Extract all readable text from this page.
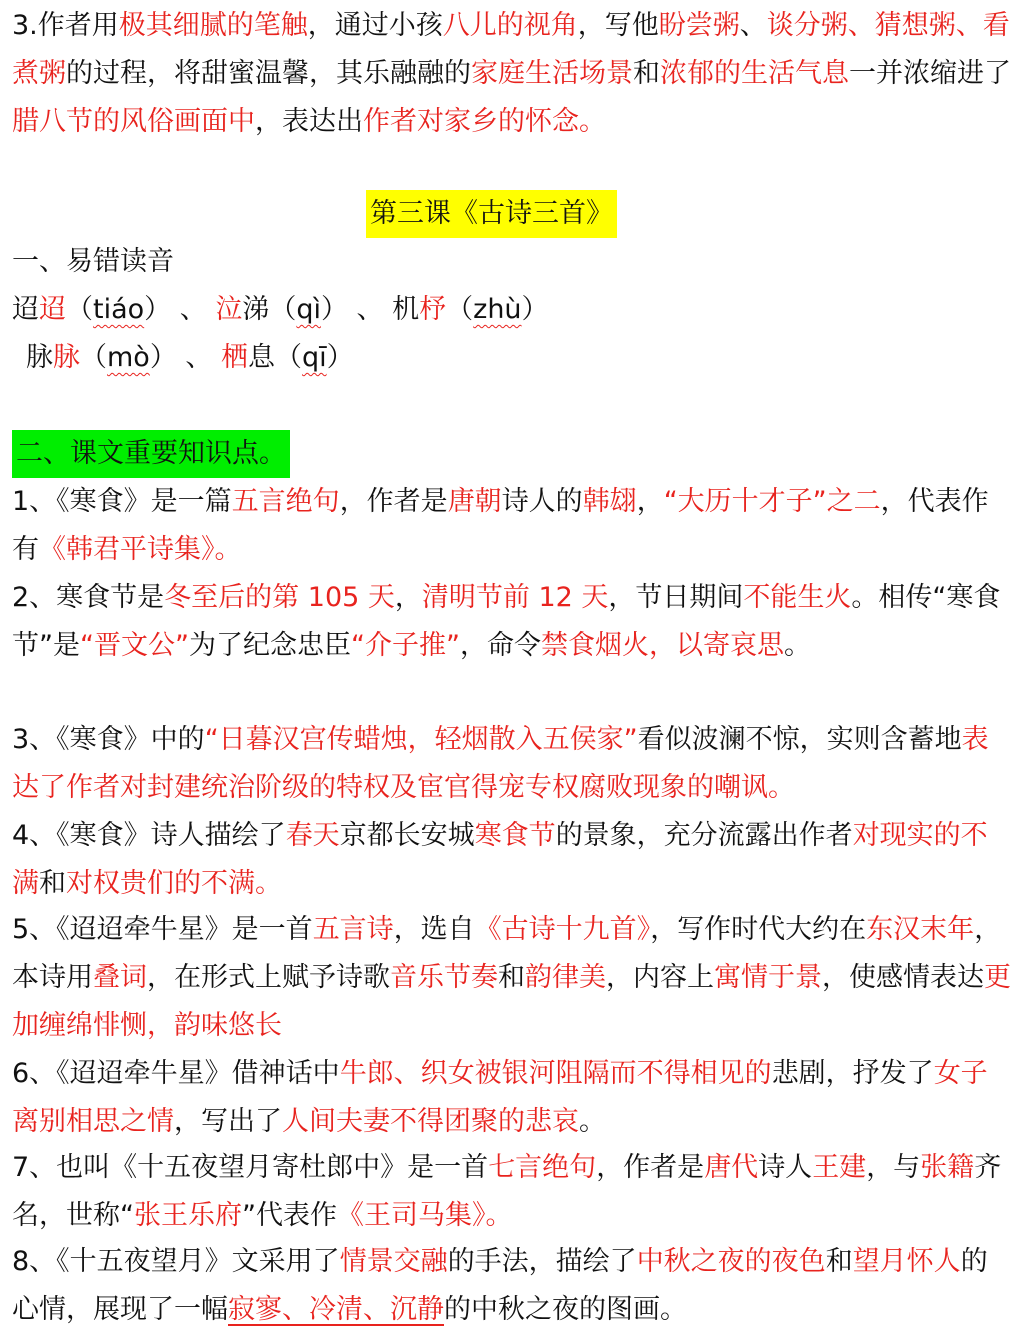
3.作者用极其细腻的笔触，通过小孩八儿的视角，写他盼尝粥、谈分粥、猜想粥、看煮粥的过程，将甜蜜温馨，其乐融融的家庭生活场景和浓郁的生活气息一并浓缩进了腊八节的风俗画面中，表达出作者对家乡的怀念。
第三课《古诗三首》
一、易错读音
迢迢（tiáo） 、 泣涕（qì） 、 机杼（zhù）
脉脉（mò） 、 栖息（qī）
二、课文重要知识点。
1、《寒食》是一篇五言绝句，作者是唐朝诗人的韩翃，“大历十才子”之二，代表作有《韩君平诗集》。
2、寒食节是冬至后的第 105 天，清明节前 12 天，节日期间不能生火。相传“寒食节”是“晋文公”为了纪念忠臣“介子推”，命令禁食烟火，以寄哀思。
3、《寒食》中的“日暮汉宫传蜡烛，轻烟散入五侯家”看似波澜不惊，实则含蓄地表达了作者对封建统治阶级的特权及宦官得宠专权腐败现象的嘲讽。
4、《寒食》诗人描绘了春天京都长安城寒食节的景象，充分流露出作者对现实的不满和对权贵们的不满。
5、《迢迢牵牛星》是一首五言诗，选自《古诗十九首》，写作时代大约在东汉末年，本诗用叠词，在形式上赋予诗歌音乐节奏和韵律美，内容上寓情于景，使感情表达更加缠绵悱恻，韵味悠长
6、《迢迢牵牛星》借神话中牛郎、织女被银河阻隔而不得相见的悲剧，抒发了女子离别相思之情，写出了人间夫妻不得团聚的悲哀。
7、也叫《十五夜望月寄杜郎中》是一首七言绝句，作者是唐代诗人王建，与张籍齐名，世称“张王乐府”代表作《王司马集》。
8、《十五夜望月》文采用了情景交融的手法，描绘了中秋之夜的夜色和望月怀人的心情，展现了一幅寂寥、冷清、沉静的中秋之夜的图画。
